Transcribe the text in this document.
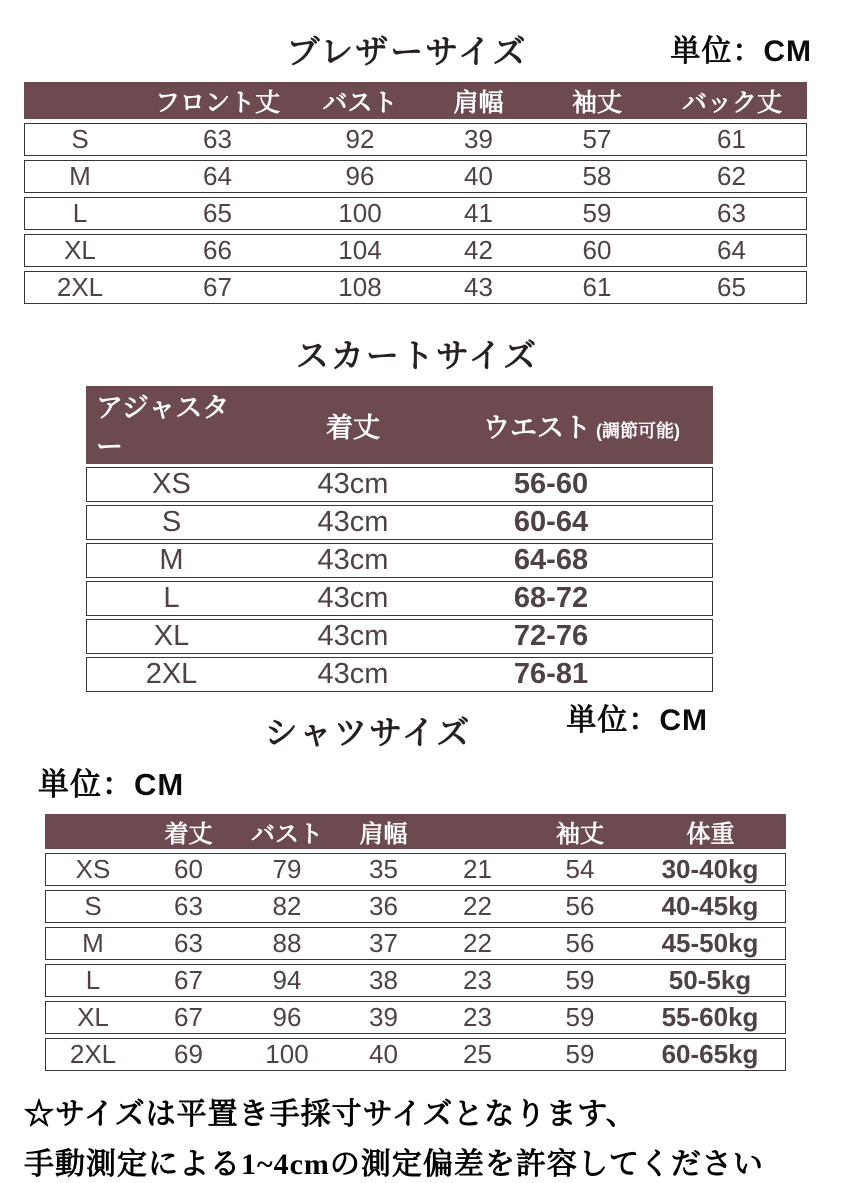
ブレザーサイズ	単位：CM
	フロント丈	バスト	肩幅	袖丈	バック丈
S	63	92	39	57	61
M	64	96	40	58	62
L	65	100	41	59	63
XL	66	104	42	60	64
2XL	67	108	43	61	65
スカートサイズ
アジャスター	着丈	ウエスト (調節可能)
XS	43cm	56-60
S	43cm	60-64
M	43cm	64-68
L	43cm	68-72
XL	43cm	72-76
2XL	43cm	76-81
シャツサイズ	単位：CM
単位：CM
	着丈	バスト	肩幅		袖丈	体重
XS	60	79	35	21	54	30-40kg
S	63	82	36	22	56	40-45kg
M	63	88	37	22	56	45-50kg
L	67	94	38	23	59	50-5kg
XL	67	96	39	23	59	55-60kg
2XL	69	100	40	25	59	60-65kg

☆サイズは平置き手採寸サイズとなります、

手動測定による1~4cmの測定偏差を許容してください
